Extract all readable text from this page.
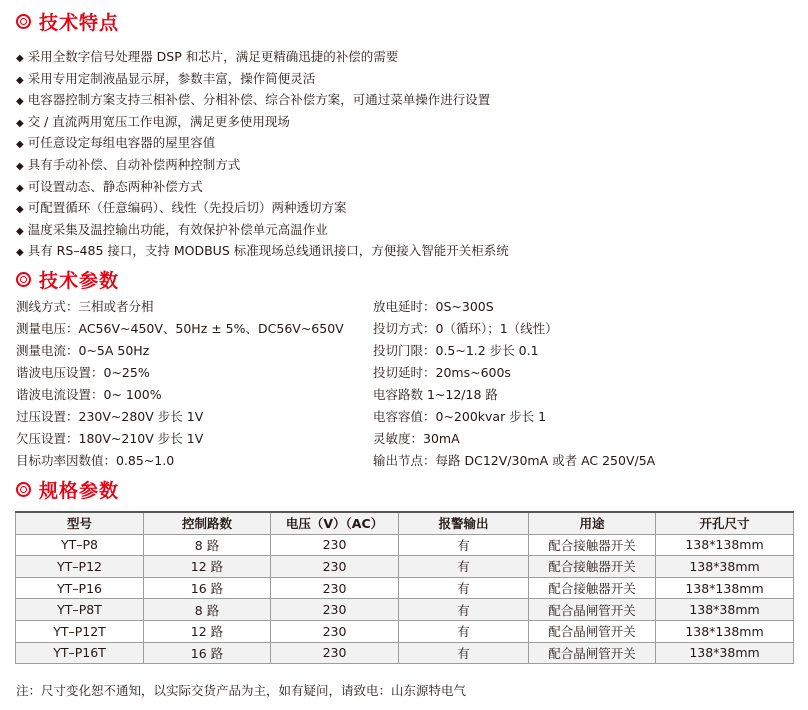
技术特点
◆ 采用全数字信号处理器 DSP 和芯片，满足更精确迅捷的补偿的需要
◆ 采用专用定制液晶显示屏，参数丰富，操作简便灵活
◆ 电容器控制方案支持三相补偿、分相补偿、综合补偿方案，可通过菜单操作进行设置
◆ 交 / 直流两用宽压工作电源，满足更多使用现场
◆ 可任意设定每组电容器的屋里容值
◆ 具有手动补偿、自动补偿两种控制方式
◆ 可设置动态、静态两种补偿方式
◆ 可配置循环（任意编码）、线性（先投后切）两种透切方案
◆ 温度采集及温控输出功能，有效保护补偿单元高温作业
◆ 具有 RS–485 接口，支持 MODBUS 标准现场总线通讯接口，方便接入智能开关柜系统
技术参数
测线方式：三相或者分相
测量电压：AC56V~450V、50Hz ± 5%、DC56V~650V
测量电流：0~5A 50Hz
谐波电压设置：0~25%
谐波电流设置：0~ 100%
过压设置：230V~280V 步长 1V
欠压设置：180V~210V 步长 1V
目标功率因数值：0.85~1.0
放电延时：0S~300S
投切方式：0（循环）；1（线性）
投切门限：0.5~1.2 步长 0.1
投切延时：20ms~600s
电容路数 1~12/18 路
电容容值：0~200kvar 步长 1
灵敏度：30mA
输出节点：每路 DC12V/30mA 或者 AC 250V/5A
规格参数
型号	控制路数	电压（V）（AC）	报警输出	用途	开孔尺寸
YT–P8	8 路	230	有	配合接触器开关	138*138mm
YT–P12	12 路	230	有	配合接触器开关	138*38mm
YT–P16	16 路	230	有	配合接触器开关	138*138mm
YT–P8T	8 路	230	有	配合晶闸管开关	138*38mm
YT–P12T	12 路	230	有	配合晶闸管开关	138*138mm
YT–P16T	16 路	230	有	配合晶闸管开关	138*38mm
注：尺寸变化恕不通知，以实际交货产品为主，如有疑问，请致电：山东源特电气
